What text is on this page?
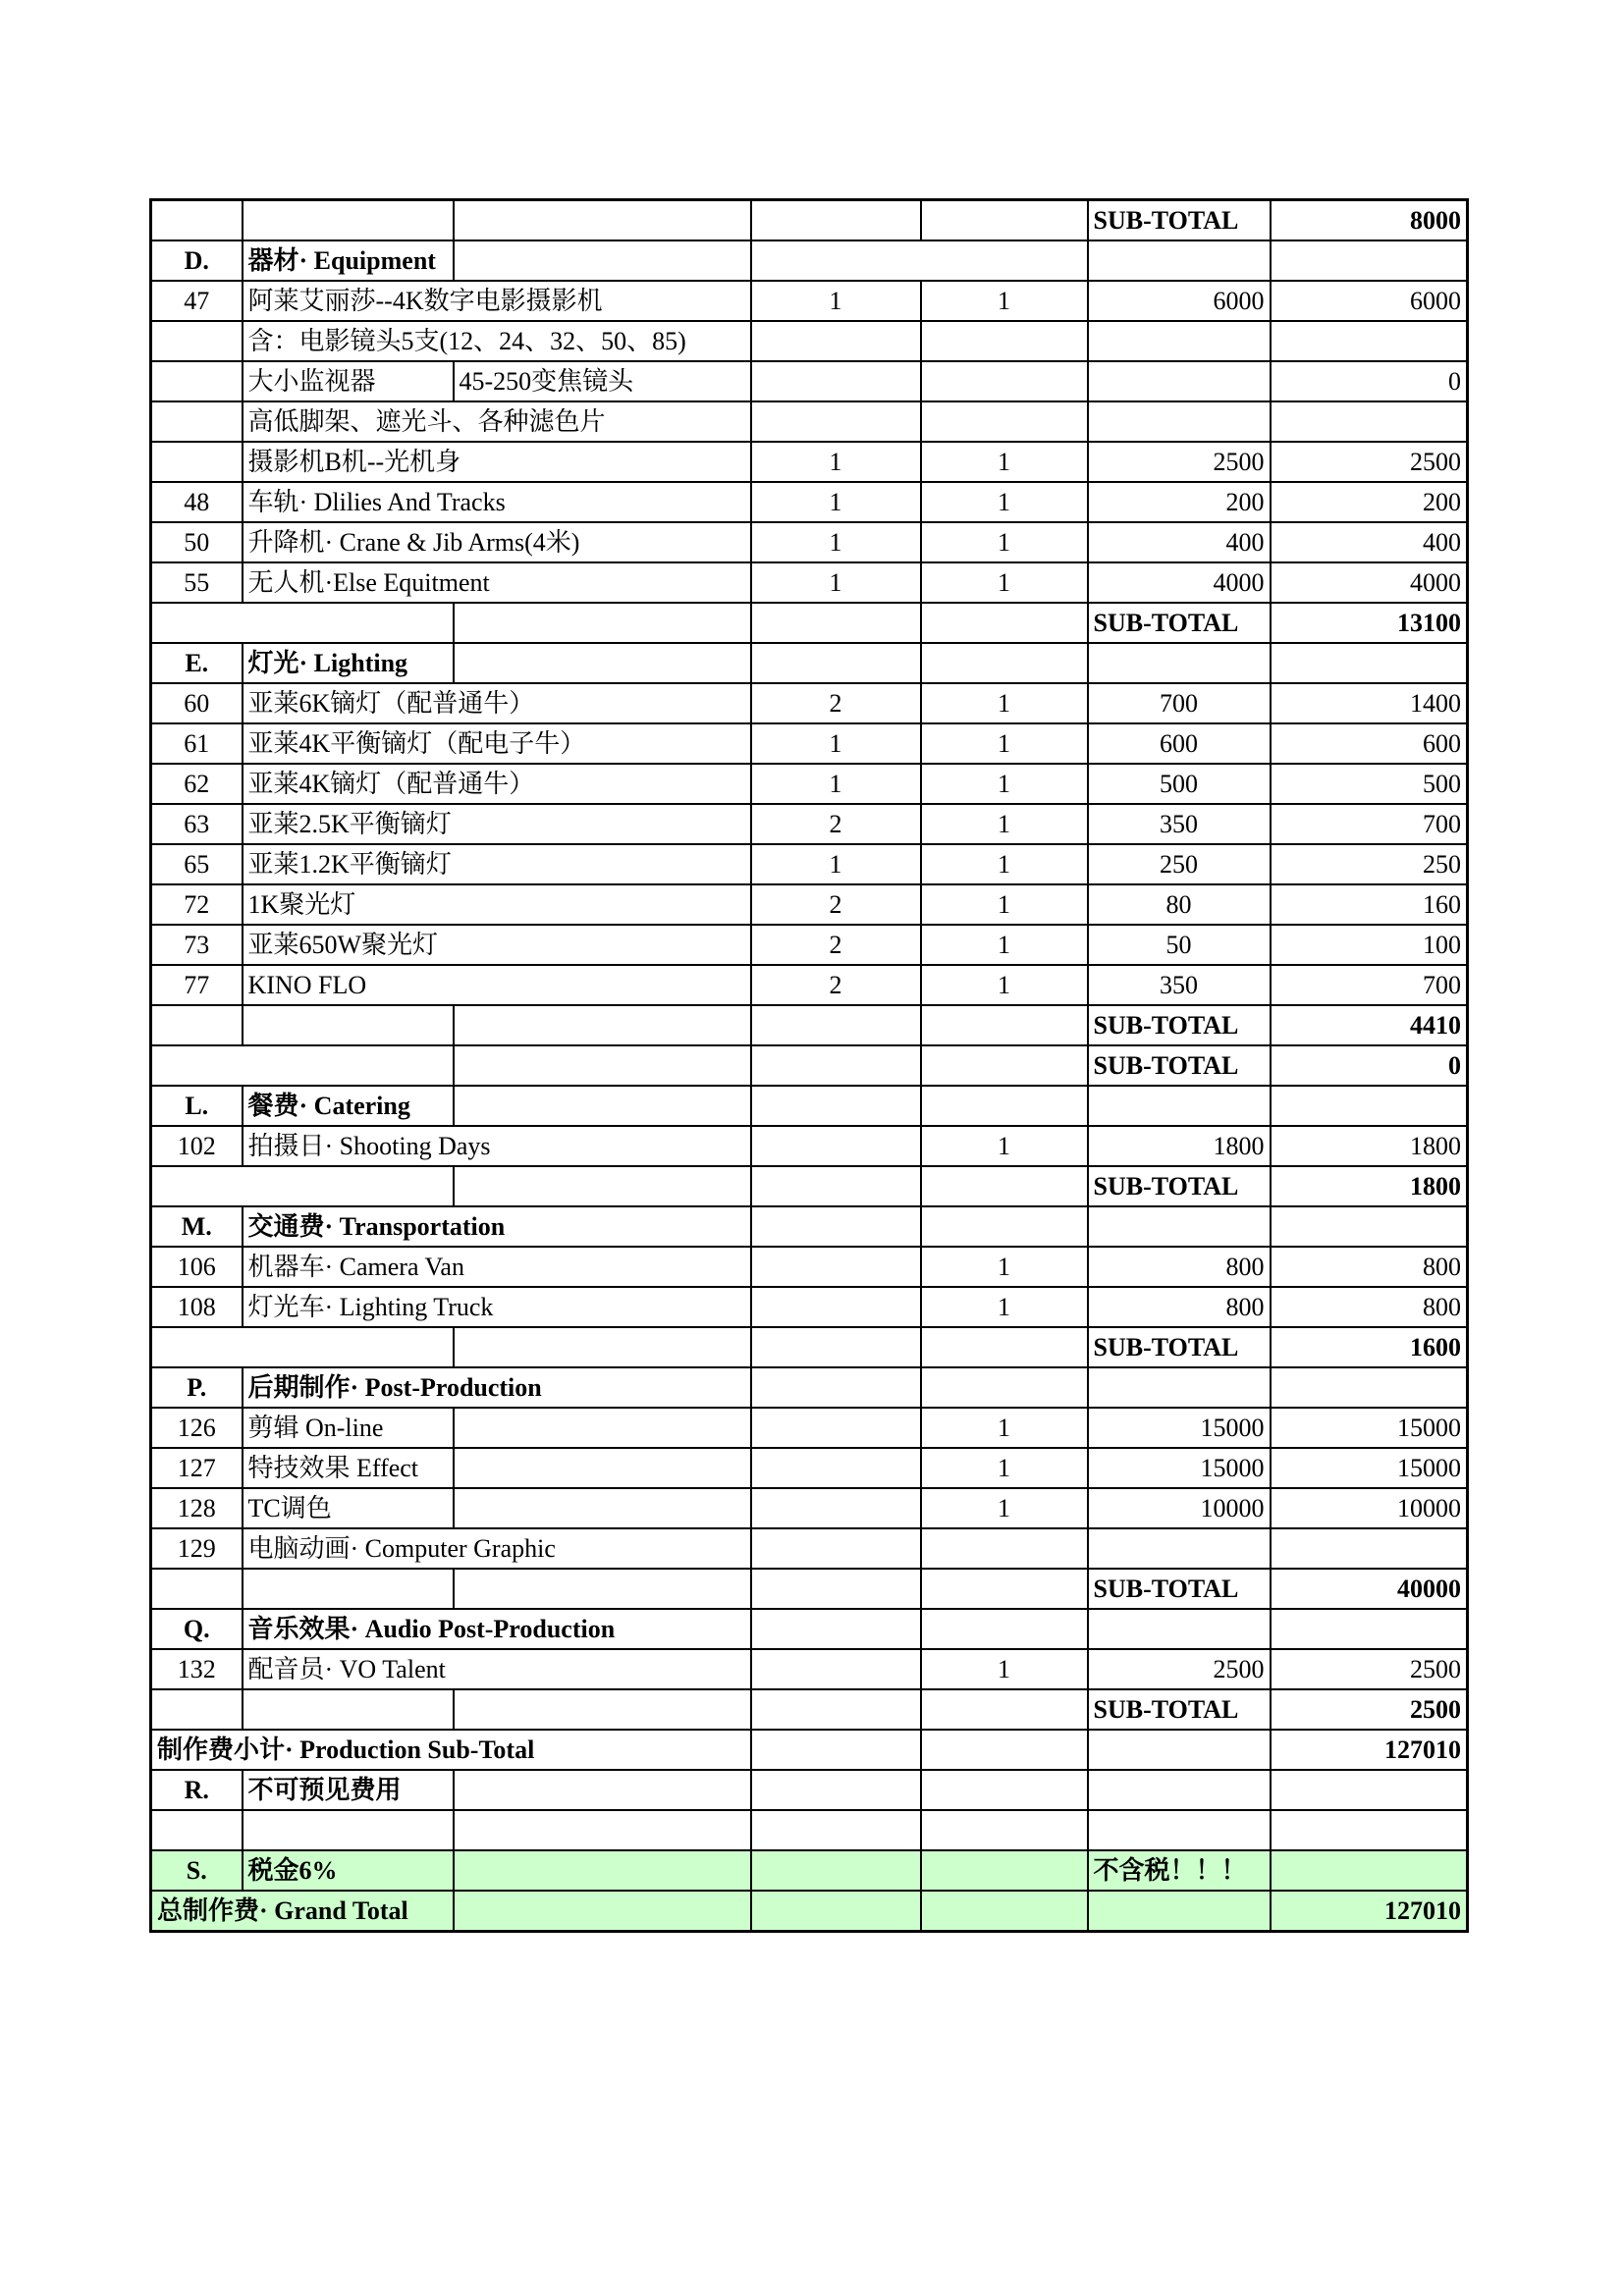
					SUB-TOTAL	8000
D.	器材· Equipment					
47	阿莱艾丽莎--4K数字电影摄影机		1	1	6000	6000
	含：电影镜头5支(12、24、32、50、85)					
	大小监视器	45-250变焦镜头				0
	高低脚架、遮光斗、各种滤色片					
	摄影机B机--光机身		1	1	2500	2500
48	车轨· Dlilies And Tracks		1	1	200	200
50	升降机· Crane & Jib Arms(4米)		1	1	400	400
55	无人机·Else Equitment		1	1	4000	4000
					SUB-TOTAL	13100
E.	灯光· Lighting					
60	亚莱6K镝灯（配普通牛）		2	1	700	1400
61	亚莱4K平衡镝灯（配电子牛）		1	1	600	600
62	亚莱4K镝灯（配普通牛）		1	1	500	500
63	亚莱2.5K平衡镝灯		2	1	350	700
65	亚莱1.2K平衡镝灯		1	1	250	250
72	1K聚光灯		2	1	80	160
73	亚莱650W聚光灯		2	1	50	100
77	KINO FLO		2	1	350	700
					SUB-TOTAL	4410
					SUB-TOTAL	0
L.	餐费· Catering					
102	拍摄日· Shooting Days			1	1800	1800
					SUB-TOTAL	1800
M.	交通费· Transportation					
106	机器车· Camera Van			1	800	800
108	灯光车· Lighting Truck			1	800	800
					SUB-TOTAL	1600
P.	后期制作· Post-Production					
126	剪辑 On-line			1	15000	15000
127	特技效果 Effect			1	15000	15000
128	TC调色			1	10000	10000
129	电脑动画· Computer Graphic					
					SUB-TOTAL	40000
Q.	音乐效果· Audio Post-Production					
132	配音员· VO Talent			1	2500	2500
					SUB-TOTAL	2500
制作费小计· Production Sub-Total						127010
R.	不可预见费用					

S.	税金6%				不含税！！！	
总制作费· Grand Total						127010
